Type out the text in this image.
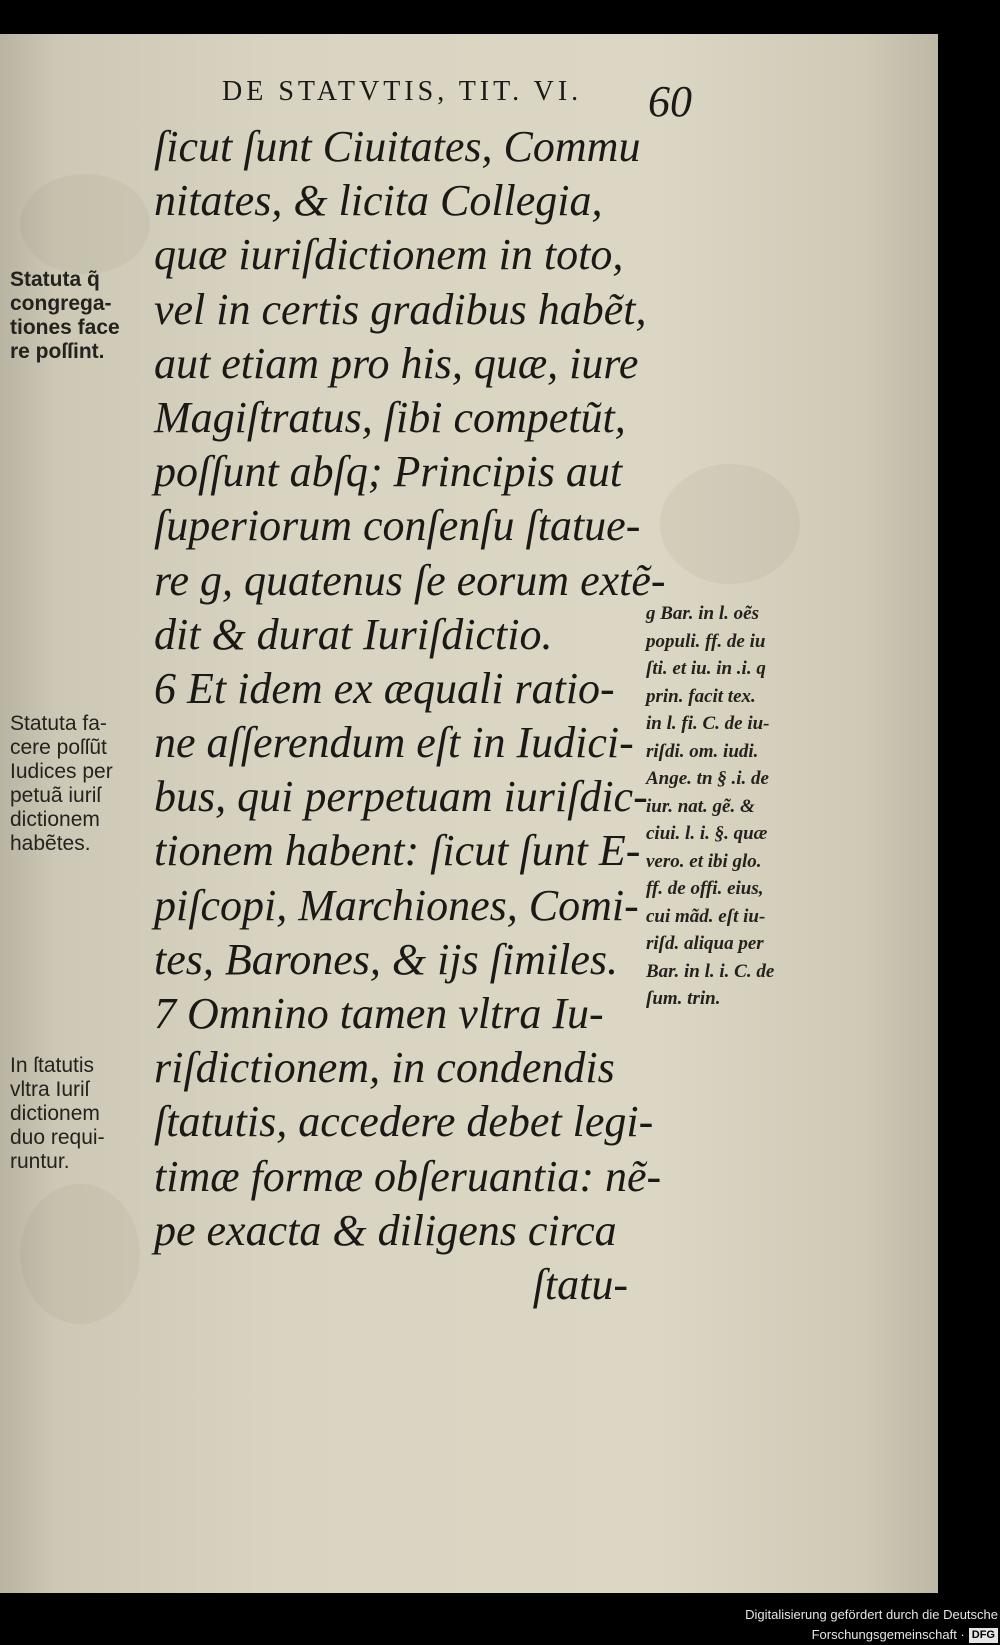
DE STATVTIS, TIT. VI. 60
ſicut ſunt Ciuitates, Commu
nitates, & licita Collegia,
quæ iuriſdictionem in toto,
vel in certis gradibus habẽt,
aut etiam pro his, quæ, iure
Magiſtratus, ſibi competũt,
poſſunt abſq; Principis aut
ſuperiorum conſenſu ſtatue-
re g, quatenus ſe eorum extẽ-
dit & durat Iuriſdictio.
6 Et idem ex æquali ratio-
ne aſſerendum eſt in Iudici-
bus, qui perpetuam iuriſdic-
tionem habent: ſicut ſunt E-
piſcopi, Marchiones, Comi-
tes, Barones, & ijs ſimiles.
7 Omnino tamen vltra Iu-
riſdictionem, in condendis
ſtatutis, accedere debet legi-
timæ formæ obſeruantia: nẽ-
pe exacta & diligens circa
ſtatu-
Statuta q̃
congrega-
tiones face
re poſſint.
Statuta fa-
cere poſſũt
Iudices per
petuã iuriſ
dictionem
habẽtes.
In ſtatutis
vltra Iuriſ
dictionem
duo requi-
runtur.
g Bar. in l. oẽs
populi. ff. de iu
ſti. et iu. in .i. q
prin. facit tex.
in l. fi. C. de iu-
riſdi. om. iudi.
Ange. tn § .i. de
iur. nat. gẽ. &
ciui. l. i. §. quæ
vero. et ibi glo.
ff. de offi. eius,
cui mãd. eſt iu-
riſd. aliqua per
Bar. in l. i. C. de
ſum. trin.
Digitalisierung gefördert durch die Deutsche Forschungsgemeinschaft · DFG
